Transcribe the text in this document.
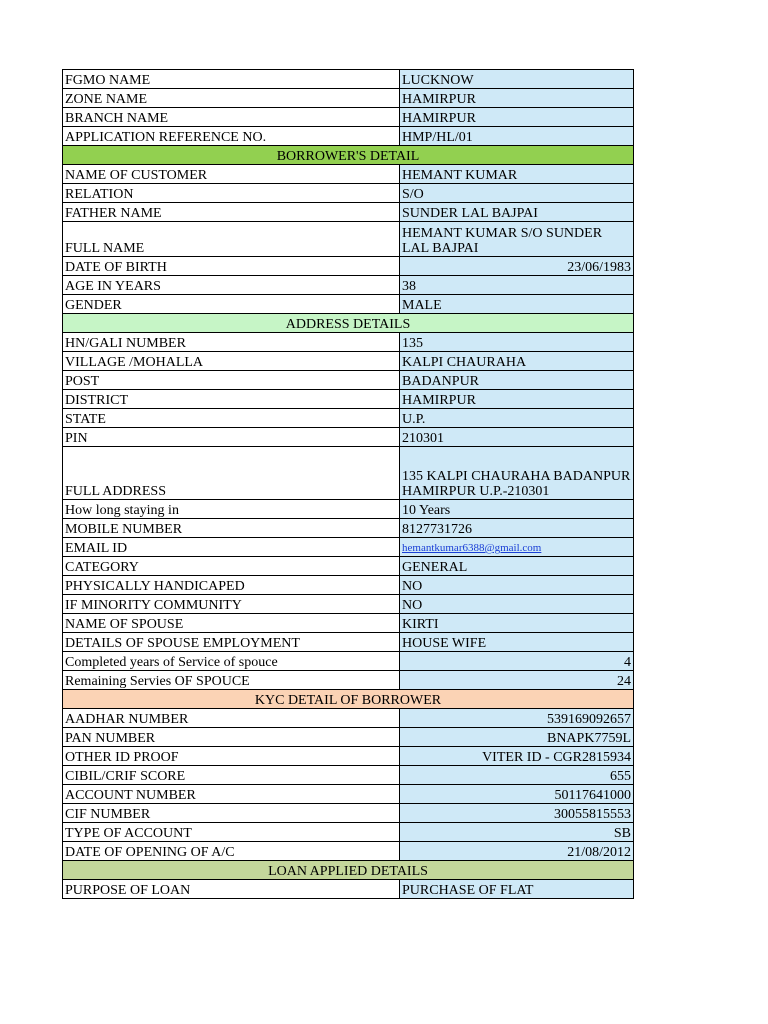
FGMO NAME	LUCKNOW
ZONE NAME	HAMIRPUR
BRANCH NAME	HAMIRPUR
APPLICATION REFERENCE NO.	HMP/HL/01
BORROWER'S DETAIL	
NAME OF CUSTOMER	HEMANT KUMAR
RELATION	S/O
FATHER NAME	SUNDER LAL BAJPAI
FULL NAME	HEMANT KUMAR S/O SUNDER LAL BAJPAI
DATE OF BIRTH	23/06/1983
AGE IN YEARS	38
GENDER	MALE
ADDRESS DETAILS	
HN/GALI NUMBER	135
VILLAGE /MOHALLA	KALPI CHAURAHA
POST	BADANPUR
DISTRICT	HAMIRPUR
STATE	U.P.
PIN	210301
FULL ADDRESS	135 KALPI CHAURAHA BADANPUR HAMIRPUR U.P.-210301
How long staying in	10 Years
MOBILE NUMBER	8127731726
EMAIL ID	hemantkumar6388@gmail.com
CATEGORY	GENERAL
PHYSICALLY HANDICAPED	NO
IF MINORITY COMMUNITY	NO
NAME OF SPOUSE	KIRTI
DETAILS OF SPOUSE EMPLOYMENT	HOUSE WIFE
Completed years of Service of spouce	4
Remaining Servies OF SPOUCE	24
KYC DETAIL OF BORROWER	
AADHAR NUMBER	539169092657
PAN NUMBER	BNAPK7759L
OTHER ID PROOF	VITER ID - CGR2815934
CIBIL/CRIF SCORE	655
ACCOUNT NUMBER	50117641000
CIF NUMBER	30055815553
TYPE OF ACCOUNT	SB
DATE OF OPENING OF A/C	21/08/2012
LOAN APPLIED DETAILS	
PURPOSE OF LOAN	PURCHASE OF FLAT
